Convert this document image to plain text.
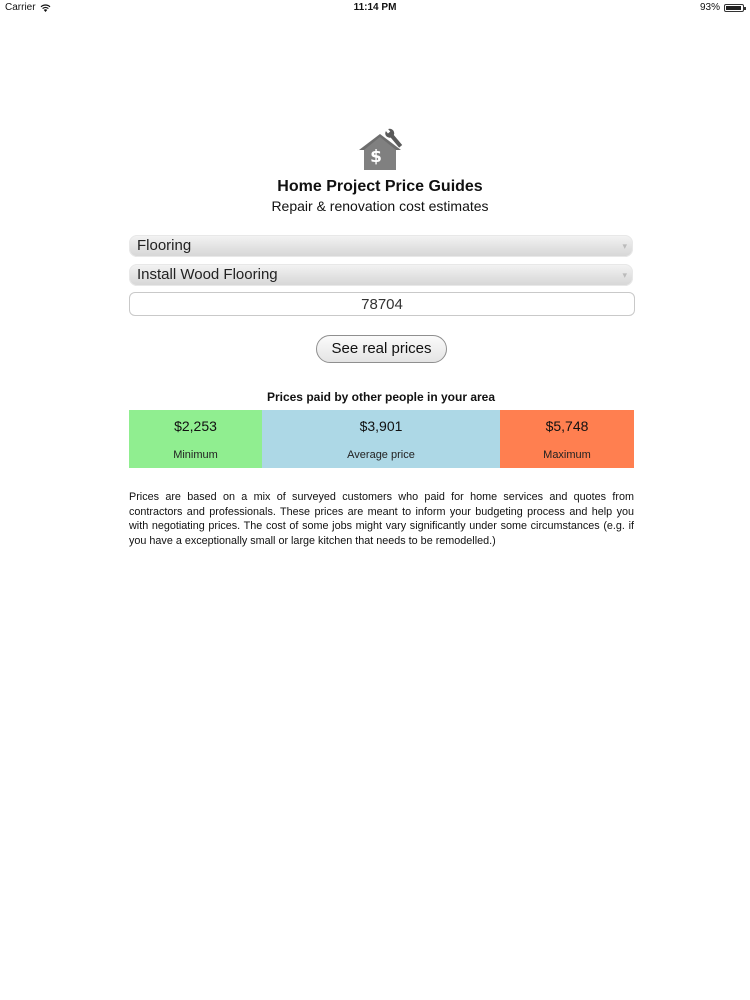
Carrier	11:14 PM	93%
$
Home Project Price Guides
Repair & renovation cost estimates
Flooring	▾
Install Wood Flooring	▾
78704
See real prices
Prices paid by other people in your area
$2,253
Minimum
$3,901
Average price
$5,748
Maximum
Prices are based on a mix of surveyed customers who paid for home services and quotes from contractors and professionals. These prices are meant to inform your budgeting process and help you with negotiating prices. The cost of some jobs might vary significantly under some circumstances (e.g. if you have a exceptionally small or large kitchen that needs to be remodelled.)
